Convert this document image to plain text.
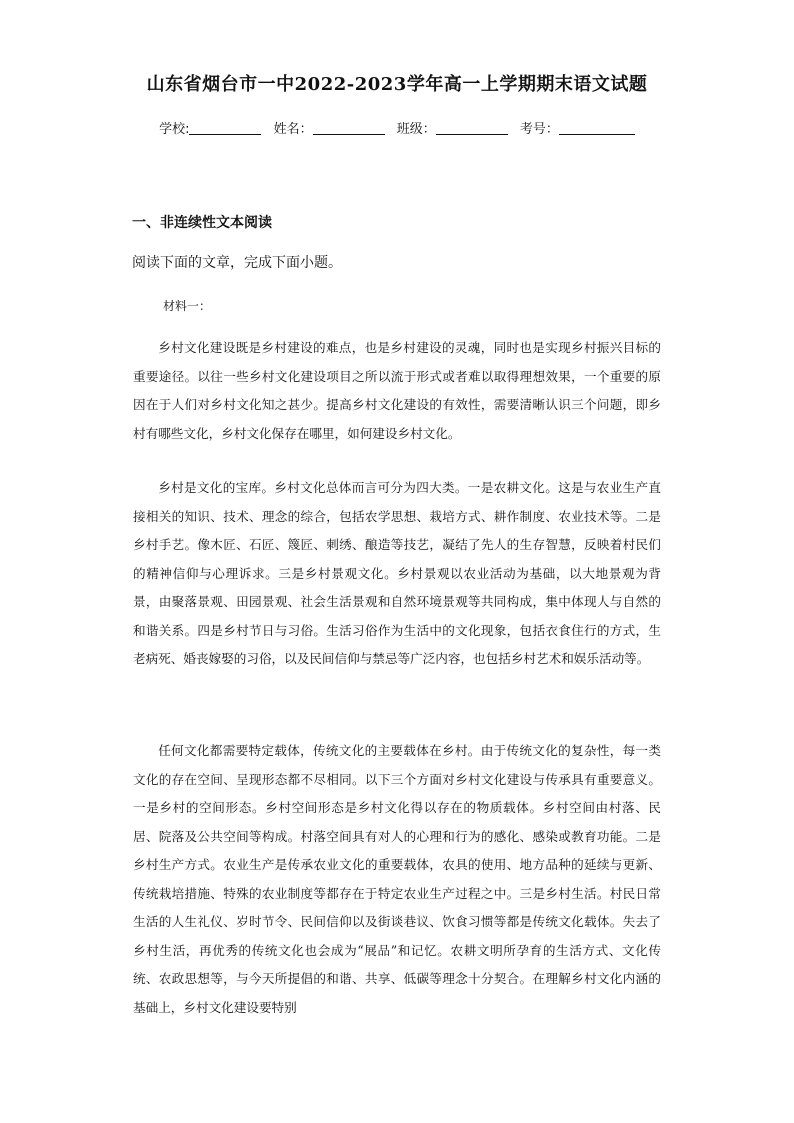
山东省烟台市一中2022-2023学年高一上学期期末语文试题
学校:	姓名：	班级：	考号：
一、非连续性文本阅读
阅读下面的文章，完成下面小题。
材料一：

乡村文化建设既是乡村建设的难点，也是乡村建设的灵魂，同时也是实现乡村振兴目标的重要途径。以往一些乡村文化建设项目之所以流于形式或者难以取得理想效果，一个重要的原因在于人们对乡村文化知之甚少。提高乡村文化建设的有效性，需要清晰认识三个问题，即乡村有哪些文化，乡村文化保存在哪里，如何建设乡村文化。

乡村是文化的宝库。乡村文化总体而言可分为四大类。一是农耕文化。这是与农业生产直接相关的知识、技术、理念的综合，包括农学思想、栽培方式、耕作制度、农业技术等。二是乡村手艺。像木匠、石匠、篾匠、刺绣、酿造等技艺，凝结了先人的生存智慧，反映着村民们的精神信仰与心理诉求。三是乡村景观文化。乡村景观以农业活动为基础，以大地景观为背景，由聚落景观、田园景观、社会生活景观和自然环境景观等共同构成，集中体现人与自然的和谐关系。四是乡村节日与习俗。生活习俗作为生活中的文化现象，包括衣食住行的方式，生老病死、婚丧嫁娶的习俗，以及民间信仰与禁忌等广泛内容，也包括乡村艺术和娱乐活动等。

任何文化都需要特定载体，传统文化的主要载体在乡村。由于传统文化的复杂性，每一类文化的存在空间、呈现形态都不尽相同。以下三个方面对乡村文化建设与传承具有重要意义。一是乡村的空间形态。乡村空间形态是乡村文化得以存在的物质载体。乡村空间由村落、民居、院落及公共空间等构成。村落空间具有对人的心理和行为的感化、感染或教育功能。二是乡村生产方式。农业生产是传承农业文化的重要载体，农具的使用、地方品种的延续与更新、传统栽培措施、特殊的农业制度等都存在于特定农业生产过程之中。三是乡村生活。村民日常生活的人生礼仪、岁时节令、民间信仰以及街谈巷议、饮食习惯等都是传统文化载体。失去了乡村生活，再优秀的传统文化也会成为“展品”和记忆。农耕文明所孕育的生活方式、文化传统、农政思想等，与今天所提倡的和谐、共享、低碳等理念十分契合。在理解乡村文化内涵的基础上，乡村文化建设要特别
